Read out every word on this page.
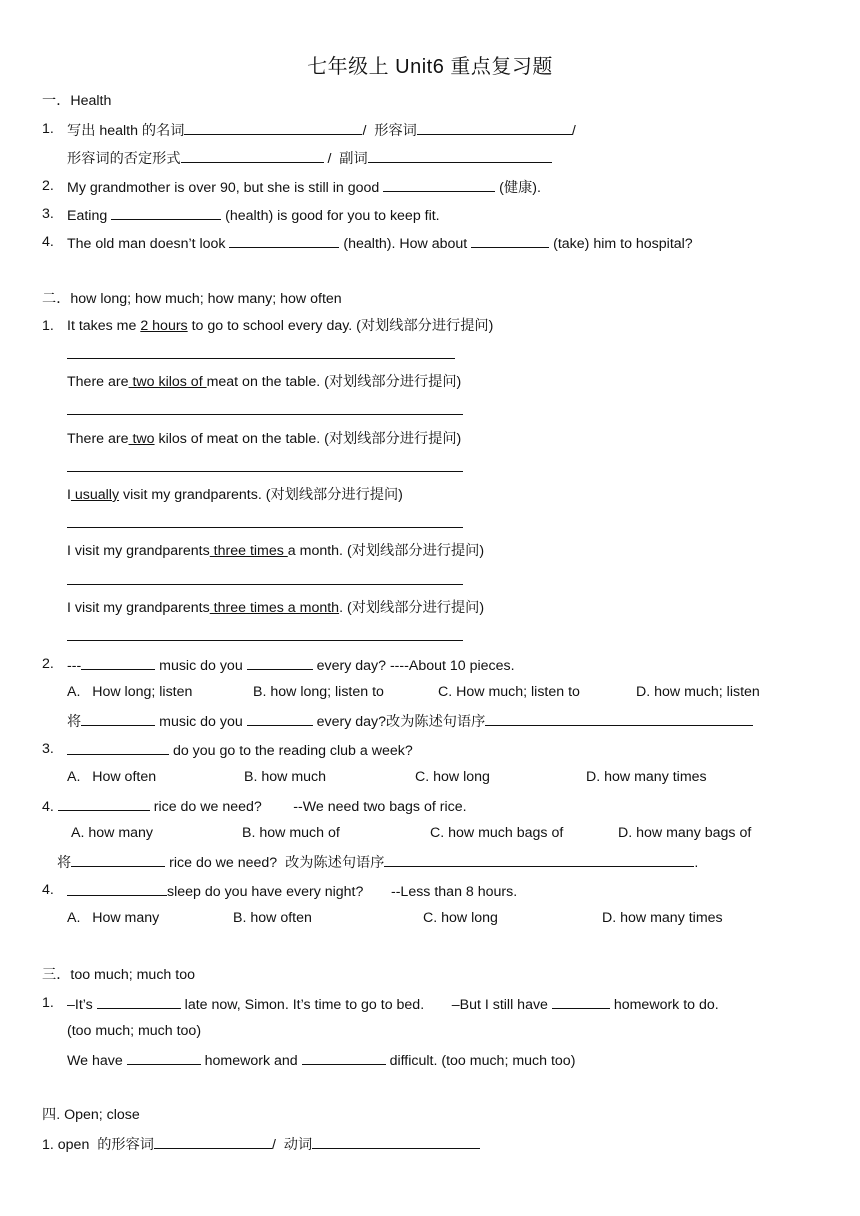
七年级上 Unit6 重点复习题
一．Health
1. 写出 health 的名词	/  形容词	/
形容词的否定形式	/  副词
2. My grandmother is over 90, but she is still in good	(健康).
3. Eating	(health) is good for you to keep fit.
4. The old man doesn’t look	(health). How about	(take) him to hospital?
二．how long; how much; how many; how often
1. It takes me 2 hours to go to school every day. (对划线部分进行提问)
There are two kilos of meat on the table. (对划线部分进行提问)
There are two kilos of meat on the table. (对划线部分进行提问)
I usually visit my grandparents. (对划线部分进行提问)
I visit my grandparents three times a month. (对划线部分进行提问)
I visit my grandparents three times a month. (对划线部分进行提问)
2. ---	music do you	every day? ----About 10 pieces.
A.   How long; listen	B. how long; listen to	C. How much; listen to	D. how much; listen
将	music do you	every day?改为陈述句语序
3.	do you go to the reading club a week?
A.   How often	B. how much	C. how long	D. how many times
4.	rice do we need?        --We need two bags of rice.
A. how many	B. how much of	C. how much bags of	D. how many bags of
将	rice do we need?  改为陈述句语序	.
4.	sleep do you have every night?       --Less than 8 hours.
A.   How many	B. how often	C. how long	D. how many times
三．too much; much too
1. –It’s	late now, Simon. It’s time to go to bed.       –But I still have	homework to do.
(too much; much too)
We have	homework and	difficult. (too much; much too)
四. Open; close
1. open  的形容词	/  动词
